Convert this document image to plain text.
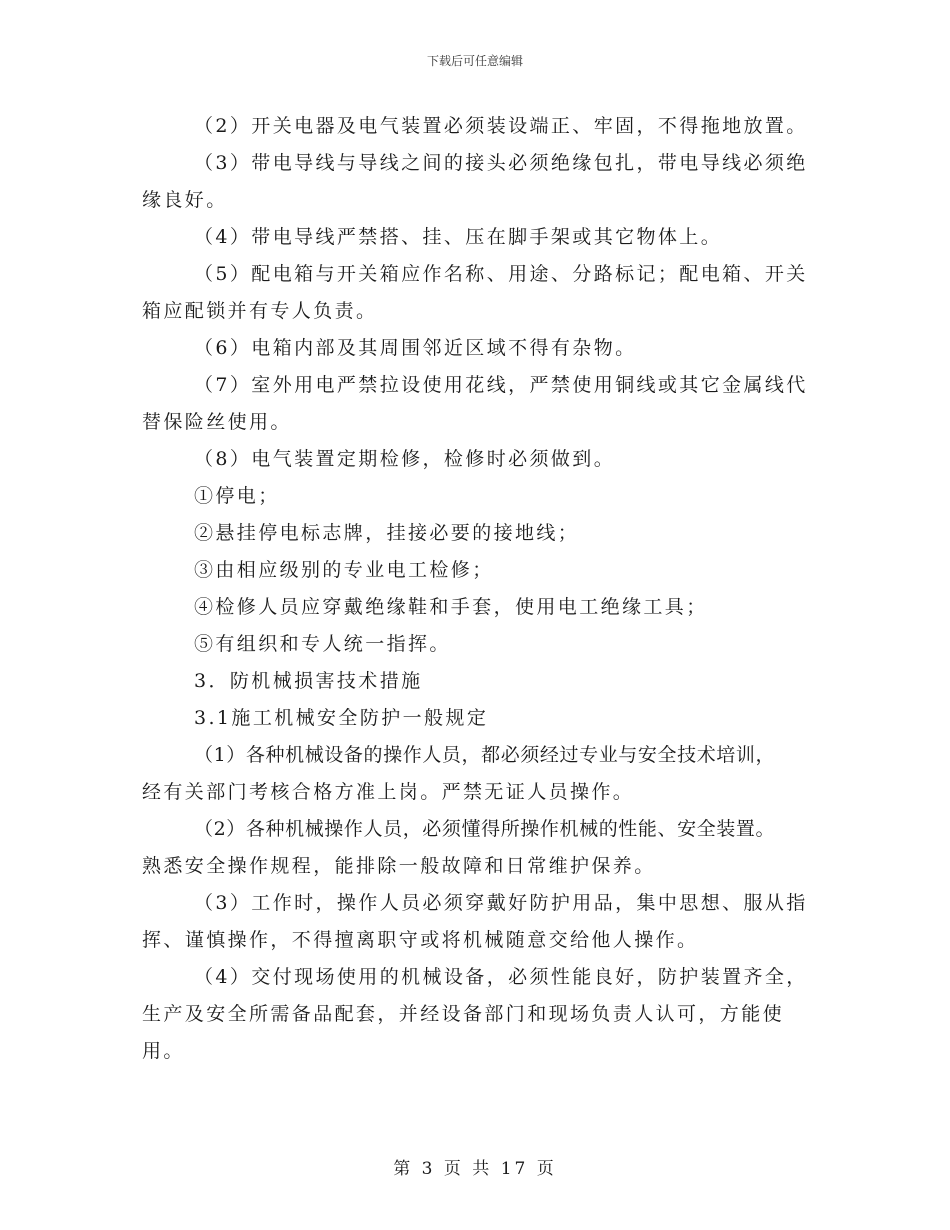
下载后可任意编辑
（2）开关电器及电气装置必须装设端正、牢固，不得拖地放置。
（3）带电导线与导线之间的接头必须绝缘包扎，带电导线必须绝
缘良好。
（4）带电导线严禁搭、挂、压在脚手架或其它物体上。
（5）配电箱与开关箱应作名称、用途、分路标记；配电箱、开关
箱应配锁并有专人负责。
（6）电箱内部及其周围邻近区域不得有杂物。
（7）室外用电严禁拉设使用花线，严禁使用铜线或其它金属线代
替保险丝使用。
（8）电气装置定期检修，检修时必须做到。
①停电；
②悬挂停电标志牌，挂接必要的接地线；
③由相应级别的专业电工检修；
④检修人员应穿戴绝缘鞋和手套，使用电工绝缘工具；
⑤有组织和专人统一指挥。
3．防机械损害技术措施
3.1施工机械安全防护一般规定
（1）各种机械设备的操作人员，都必须经过专业与安全技术培训，
经有关部门考核合格方准上岗。严禁无证人员操作。
（2）各种机械操作人员，必须懂得所操作机械的性能、安全装置。
熟悉安全操作规程，能排除一般故障和日常维护保养。
（3）工作时，操作人员必须穿戴好防护用品，集中思想、服从指
挥、谨慎操作，不得擅离职守或将机械随意交给他人操作。
（4）交付现场使用的机械设备，必须性能良好，防护装置齐全，
生产及安全所需备品配套，并经设备部门和现场负责人认可，方能使
用。
第 3 页 共 17 页
